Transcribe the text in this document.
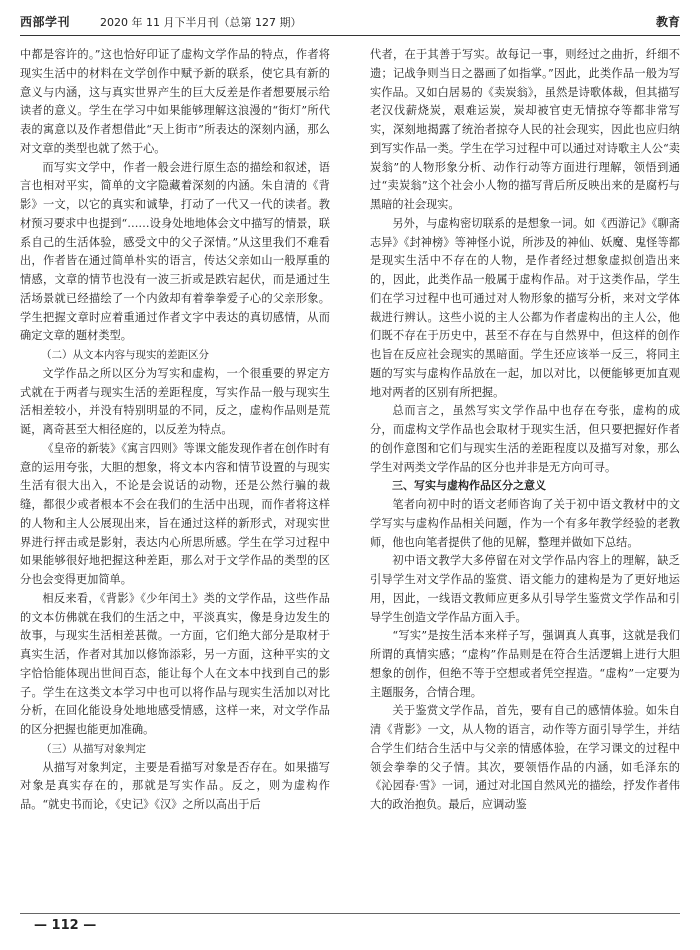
西部学刊	2020 年 11 月下半月刊（总第 127 期）	教育

中都是容许的。”这也恰好印证了虚构文学作品的特点，作者将现实生活中的材料在文学创作中赋予新的联系，使它具有新的意义与内涵，这与真实世界产生的巨大反差是作者想要展示给读者的意义。学生在学习中如果能够理解这浪漫的“街灯”所代表的寓意以及作者想借此“天上街市”所表达的深刻内涵，那么对文章的类型也就了然于心。

而写实文学中，作者一般会进行原生态的描绘和叙述，语言也相对平实，简单的文字隐藏着深刻的内涵。朱自清的《背影》一文，以它的真实和诚挚，打动了一代又一代的读者。教材预习要求中也提到“……设身处地地体会文中描写的情景，联系自己的生活体验，感受文中的父子深情。”从这里我们不难看出，作者皆在通过简单朴实的语言，传达父亲如山一般厚重的情感，文章的情节也没有一波三折或是跌宕起伏，而是通过生活场景就已经描绘了一个内敛却有着拳拳爱子心的父亲形象。学生把握文章时应着重通过作者文字中表达的真切感情，从而确定文章的题材类型。

（二）从文本内容与现实的差距区分

文学作品之所以区分为写实和虚构，一个很重要的界定方式就在于两者与现实生活的差距程度，写实作品一般与现实生活相差较小，并没有特别明显的不同，反之，虚构作品则是荒诞，离奇甚至大相径庭的，以反差为特点。

《皇帝的新装》《寓言四则》等课文能发现作者在创作时有意的运用夸张，大胆的想象，将文本内容和情节设置的与现实生活有很大出入，不论是会说话的动物，还是公然行骗的裁缝，都很少或者根本不会在我们的生活中出现，而作者将这样的人物和主人公展现出来，旨在通过这样的新形式，对现实世界进行抨击或是影射，表达内心所思所感。学生在学习过程中如果能够很好地把握这种差距，那么对于文学作品的类型的区分也会变得更加简单。

相反来看，《背影》《少年闰土》类的文学作品，这些作品的文本仿佛就在我们的生活之中，平淡真实，像是身边发生的故事，与现实生活相差甚微。一方面，它们绝大部分是取材于真实生活，作者对其加以修饰添彩，另一方面，这种平实的文字恰恰能体现出世间百态，能让每个人在文本中找到自己的影子。学生在这类文本学习中也可以将作品与现实生活加以对比分析，在回化能设身处地地感受情感，这样一来，对文学作品的区分把握也能更加准确。

（三）从描写对象判定

从描写对象判定，主要是看描写对象是否存在。如果描写对象是真实存在的，那就是写实作品。反之，则为虚构作品。“就史书而论，《史记》《汉》之所以高出于后

代者，在于其善于写实。故每记一事，则经过之曲折，纤细不遗；记战争则当日之器画了如指掌。”因此，此类作品一般为写实作品。又如白居易的《卖炭翁》，虽然是诗歌体裁，但其描写老汉伐薪烧炭，艰难运炭，炭却被官吏无情掠夺等都非常写实，深刻地揭露了统治者掠夺人民的社会现实，因此也应归纳到写实作品一类。学生在学习过程中可以通过对诗歌主人公“卖炭翁”的人物形象分析、动作行动等方面进行理解，领悟到通过“卖炭翁”这个社会小人物的描写背后所反映出来的是腐朽与黑暗的社会现实。

另外，与虚构密切联系的是想象一词。如《西游记》《聊斋志异》《封神榜》等神怪小说，所涉及的神仙、妖魔、鬼怪等都是现实生活中不存在的人物，是作者经过想象虚拟创造出来的，因此，此类作品一般属于虚构作品。对于这类作品，学生们在学习过程中也可通过对人物形象的描写分析，来对文学体裁进行辨认。这些小说的主人公都为作者虚构出的主人公，他们既不存在于历史中，甚至不存在与自然界中，但这样的创作也旨在反应社会现实的黑暗面。学生还应该举一反三，将同主题的写实与虚构作品放在一起，加以对比，以便能够更加直观地对两者的区别有所把握。

总而言之，虽然写实文学作品中也存在夸张，虚构的成分，而虚构文学作品也会取材于现实生活，但只要把握好作者的创作意图和它们与现实生活的差距程度以及描写对象，那么学生对两类文学作品的区分也并非是无方向可寻。

三、写实与虚构作品区分之意义

笔者向初中时的语文老师咨询了关于初中语文教材中的文学写实与虚构作品相关问题，作为一个有多年教学经验的老教师，他也向笔者提供了他的见解，整理并做如下总结。

初中语文教学大多停留在对文学作品内容上的理解，缺乏引导学生对文学作品的鉴赏、语文能力的建构是为了更好地运用，因此，一线语文教师应更多从引导学生鉴赏文学作品和引导学生创造文学作品方面入手。

“写实”是按生活本来样子写，强调真人真事，这就是我们所谓的真情实感；“虚构”作品则是在符合生活逻辑上进行大胆想象的创作，但绝不等于空想或者凭空捏造。“虚构”一定要为主题服务，合情合理。

关于鉴赏文学作品，首先，要有自己的感情体验。如朱自清《背影》一文，从人物的语言，动作等方面引导学生，并结合学生们结合生活中与父亲的情感体验，在学习课文的过程中领会拳拳的父子情。其次，要领悟作品的内涵，如毛泽东的《沁园春·雪》一词，通过对北国自然风光的描绘，抒发作者伟大的政治抱负。最后，应调动鉴

— 112 —
